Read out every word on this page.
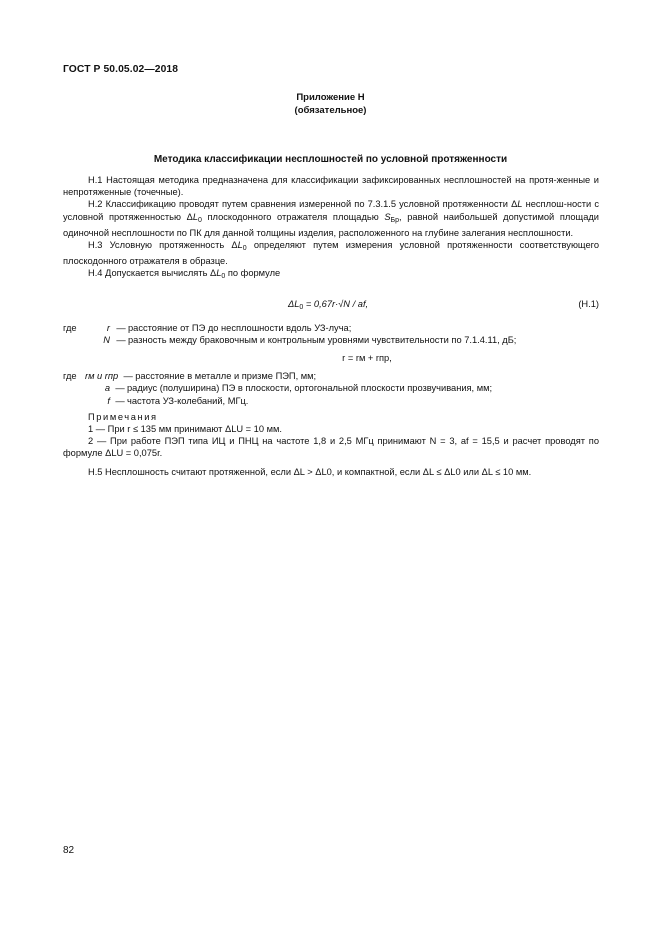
ГОСТ Р 50.05.02—2018
Приложение Н
(обязательное)
Методика классификации несплошностей по условной протяженности

Н.1 Настоящая методика предназначена для классификации зафиксированных несплошностей на протя-женные и непротяженные (точечные).

Н.2 Классификацию проводят путем сравнения измеренной по 7.3.1.5 условной протяженности ΔL несплош-ности с условной протяженностью $\Delta L_0$ плоскодонного отражателя площадью $S_{Бр}$, равной наибольшей допустимой площади одиночной несплошности по ПК для данной толщины изделия, расположенного на глубине залегания несплошности.

Н.3 Условную протяженность $\Delta L_0$ определяют путем измерения условной протяженности соответствующего плоскодонного отражателя в образце.

Н.4 Допускается вычислять $\Delta L_0$ по формуле

$\Delta L_0 = 0,67r\cdot√N$ / af,	(Н.1)
где	r — расстояние от ПЭ до несплошности вдоль УЗ-луча;
N — разность между браковочным и контрольным уровнями чувствительности по 7.1.4.11, дБ;
r = rм + rпр,
где rм и rпр — расстояние в металле и призме ПЭП, мм;
a — радиус (полуширина) ПЭ в плоскости, ортогональной плоскости прозвучивания, мм;
f — частота УЗ-колебаний, МГц.

Примечания

1 — При r ≤ 135 мм принимают ΔLU = 10 мм.

2 — При работе ПЭП типа ИЦ и ПНЦ на частоте 1,8 и 2,5 МГц принимают N = 3, af = 15,5 и расчет проводят по формуле ΔLU = 0,075r.

Н.5 Несплошность считают протяженной, если ΔL > ΔL0, и компактной, если ΔL ≤ ΔL0 или ΔL ≤ 10 мм.

82
